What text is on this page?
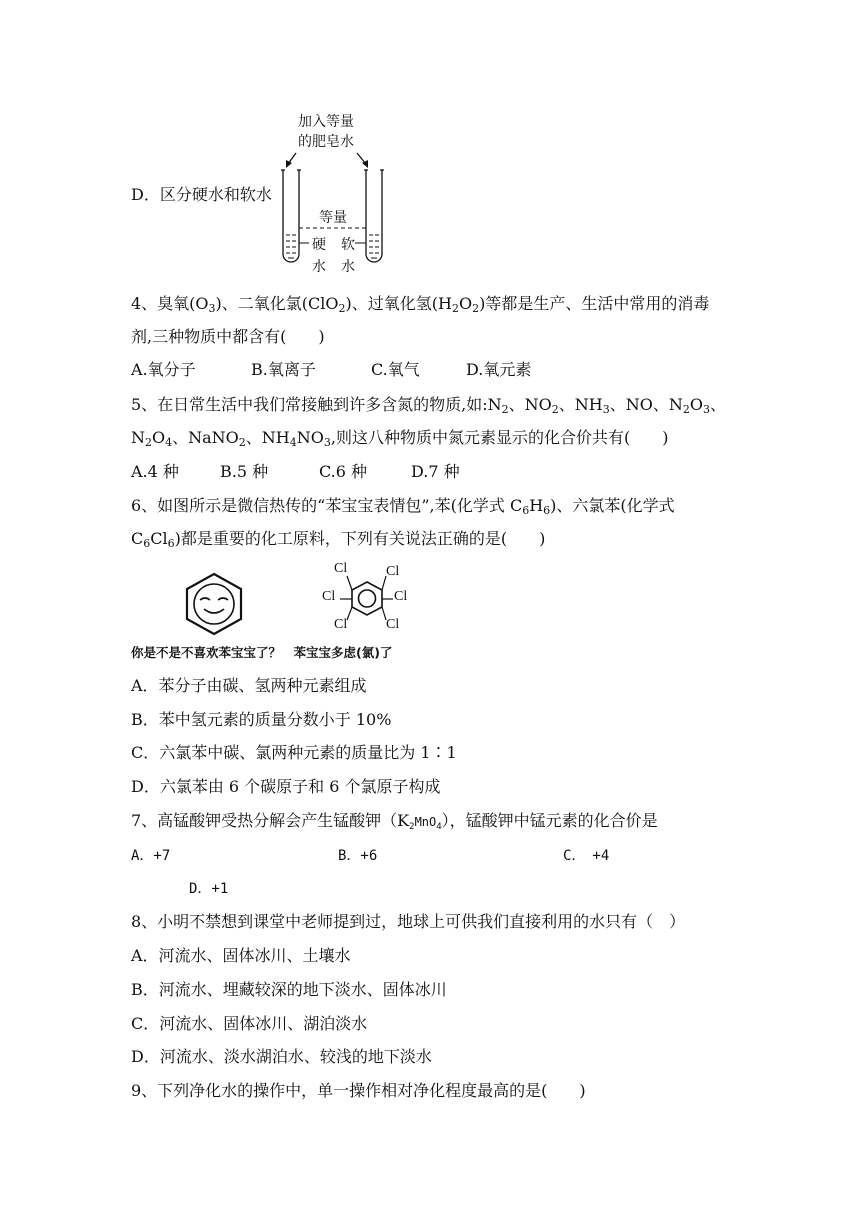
D．区分硬水和软水
加入等量
的肥皂水
等量
硬
水
软
水
4、臭氧$(O_3)$、二氧化氯(ClO$_2$)、过氧化氢$(H_2O_2)$等都是生产、生活中常用的消毒
剂,三种物质中都含有(　　)
A.氧分子	B.氧离子	C.氧气	D.氧元素
5、在日常生活中我们常接触到许多含氮的物质,如$:N_2$、$NO_2$、$NH_3$、NO、$N_2O_3$、
$N_2O_4$、NaNO$_2$、$NH_4NO_3$,则这八种物质中氮元素显示的化合价共有(　　)
A.4 种	B.5 种	C.6 种	D.7 种
6、如图所示是微信热传的“苯宝宝表情包”,苯(化学式 $C_6H_6$)、六氯苯(化学式
$C_6Cl_6$)都是重要的化工原料，下列有关说法正确的是(　　)
Cl	Cl
Cl	Cl
Cl	Cl
你是不是不喜欢苯宝宝了？　苯宝宝多虑(氯)了
A．苯分子由碳、氢两种元素组成
B．苯中氢元素的质量分数小于 10%
C．六氯苯中碳、氯两种元素的质量比为 1∶1
D．六氯苯由 6 个碳原子和 6 个氯原子构成
7、高锰酸钾受热分解会产生锰酸钾$(K_2MnO_4)$，锰酸钾中锰元素的化合价是
A．+7	B．+6	C．　+4
D．+1
8、小明不禁想到课堂中老师提到过，地球上可供我们直接利用的水只有（　）
A．河流水、固体冰川、土壤水
B．河流水、埋藏较深的地下淡水、固体冰川
C．河流水、固体冰川、湖泊淡水
D．河流水、淡水湖泊水、较浅的地下淡水
9、下列净化水的操作中，单一操作相对净化程度最高的是(　　)
